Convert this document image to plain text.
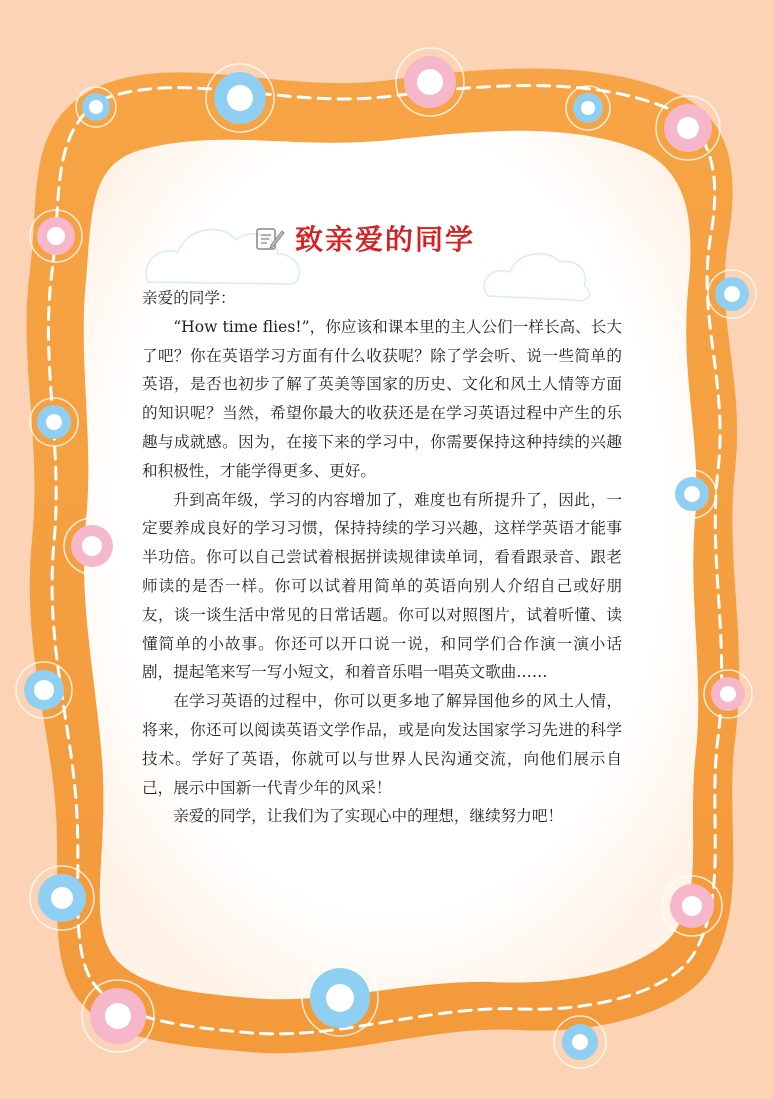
致亲爱的同学

亲爱的同学：

“How time flies!”，你应该和课本里的主人公们一样长高、长大了吧？你在英语学习方面有什么收获呢？除了学会听、说一些简单的英语，是否也初步了解了英美等国家的历史、文化和风土人情等方面的知识呢？当然，希望你最大的收获还是在学习英语过程中产生的乐趣与成就感。因为，在接下来的学习中，你需要保持这种持续的兴趣和积极性，才能学得更多、更好。

升到高年级，学习的内容增加了，难度也有所提升了，因此，一定要养成良好的学习习惯，保持持续的学习兴趣，这样学英语才能事半功倍。你可以自己尝试着根据拼读规律读单词，看看跟录音、跟老师读的是否一样。你可以试着用简单的英语向别人介绍自己或好朋友，谈一谈生活中常见的日常话题。你可以对照图片，试着听懂、读懂简单的小故事。你还可以开口说一说，和同学们合作演一演小话剧，提起笔来写一写小短文，和着音乐唱一唱英文歌曲……

在学习英语的过程中，你可以更多地了解异国他乡的风土人情，将来，你还可以阅读英语文学作品，或是向发达国家学习先进的科学技术。学好了英语，你就可以与世界人民沟通交流，向他们展示自己，展示中国新一代青少年的风采！

亲爱的同学，让我们为了实现心中的理想，继续努力吧！
